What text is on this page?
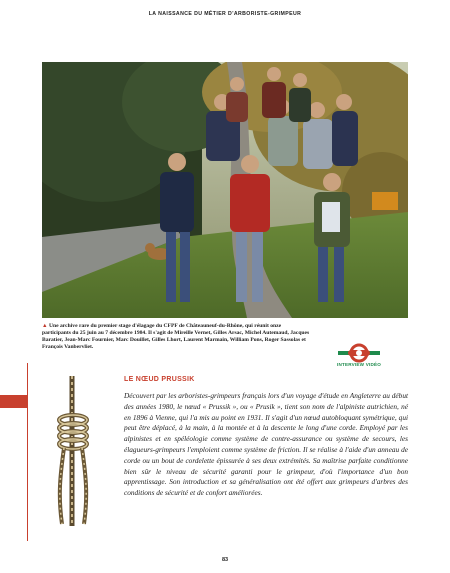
LA NAISSANCE DU MÉTIER D'ARBORISTE-GRIMPEUR
▲ Une archive rare du premier stage d'élagage du CFPF de Châteauneuf-du-Rhône, qui réunit onze participants du 25 juin au 7 décembre 1984. Il s'agit de Mireille Vernet, Gilles Arsac, Michel Autemaud, Jacques Baratier, Jean-Marc Fournier, Marc Douillet, Gilles Lhort, Laurent Marmain, William Pons, Roger Sassolas et François Vanbervliet.
INTERVIEW VIDÉO
LE NŒUD PRUSSIK
Découvert par les arboristes-grimpeurs français lors d'un voyage d'étude en Angleterre au début des années 1980, le nœud « Prussik », ou « Prusik », tient son nom de l'alpiniste autrichien, né en 1896 à Vienne, qui l'a mis au point en 1931. Il s'agit d'un nœud autobloquant symétrique, qui peut être déplacé, à la main, à la montée et à la descente le long d'une corde. Employé par les alpinistes et en spéléologie comme système de contre-assurance ou système de secours, les élagueurs-grimpeurs l'emploient comme système de friction. Il se réalise à l'aide d'un anneau de corde ou un bout de cordelette épissurée à ses deux extrémités. Sa maîtrise parfaite conditionne bien sûr le niveau de sécurité garanti pour le grimpeur, d'où l'importance d'un bon apprentissage. Son introduction et sa généralisation ont été offert aux grimpeurs d'arbres des conditions de sécurité et de confort améliorées.
83
